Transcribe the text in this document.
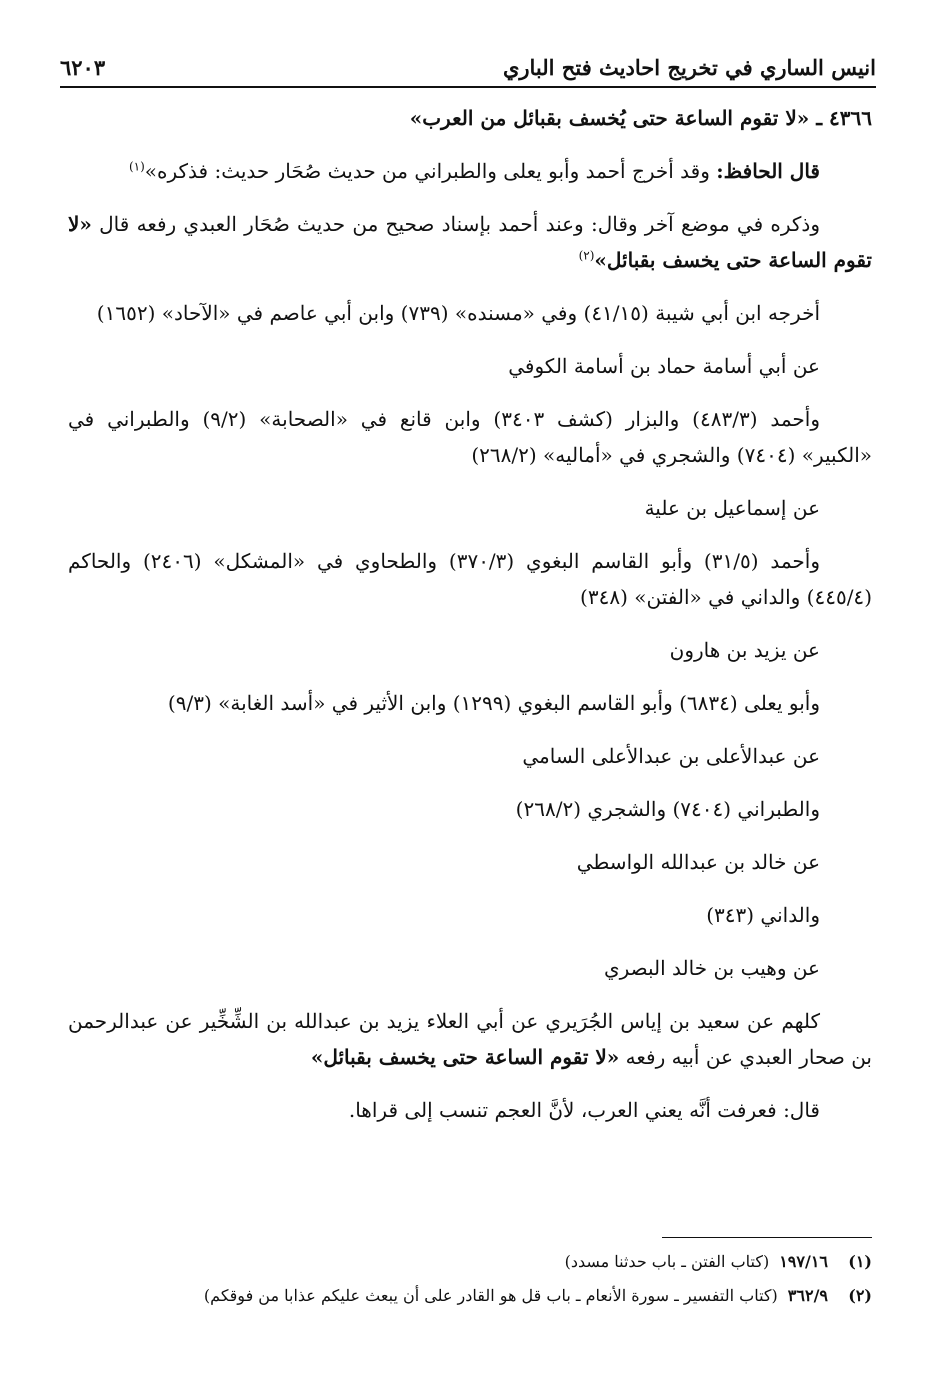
انيس الساري في تخريج احاديث فتح الباري
٦٢٠٣

٤٣٦٦ ـ «لا تقوم الساعة حتى يُخسف بقبائل من العرب»

قال الحافظ: وقد أخرج أحمد وأبو يعلى والطبراني من حديث صُحَار حديث: فذكره»$^{(١)}$

وذكره في موضع آخر وقال: وعند أحمد بإسناد صحيح من حديث صُحَار العبدي رفعه قال «لا تقوم الساعة حتى يخسف بقبائل»$^{(٢)}$

أخرجه ابن أبي شيبة (٤١/١٥) وفي «مسنده» (٧٣٩) وابن أبي عاصم في «الآحاد» (١٦٥٢)

عن أبي أسامة حماد بن أسامة الكوفي

وأحمد (٤٨٣/٣) والبزار (كشف ٣٤٠٣) وابن قانع في «الصحابة» (٩/٢) والطبراني في «الكبير» (٧٤٠٤) والشجري في «أماليه» (٢٦٨/٢)

عن إسماعيل بن علية

وأحمد (٣١/٥) وأبو القاسم البغوي (٣٧٠/٣) والطحاوي في «المشكل» (٢٤٠٦) والحاكم (٤٤٥/٤) والداني في «الفتن» (٣٤٨)

عن يزيد بن هارون

وأبو يعلى (٦٨٣٤) وأبو القاسم البغوي (١٢٩٩) وابن الأثير في «أسد الغابة» (٩/٣)

عن عبدالأعلى بن عبدالأعلى السامي

والطبراني (٧٤٠٤) والشجري (٢٦٨/٢)

عن خالد بن عبدالله الواسطي

والداني (٣٤٣)

عن وهيب بن خالد البصري

كلهم عن سعيد بن إياس الجُرَيري عن أبي العلاء يزيد بن عبدالله بن الشِّخِّير عن عبدالرحمن بن صحار العبدي عن أبيه رفعه «لا تقوم الساعة حتى يخسف بقبائل»

قال: فعرفت أنَّه يعني العرب، لأنَّ العجم تنسب إلى قراها.

(١)
١٩٧/١٦
(كتاب الفتن ـ باب حدثنا مسدد)
(٢)
٣٦٢/٩
(كتاب التفسير ـ سورة الأنعام ـ باب قل هو القادر على أن يبعث عليكم عذابا من فوقكم)
